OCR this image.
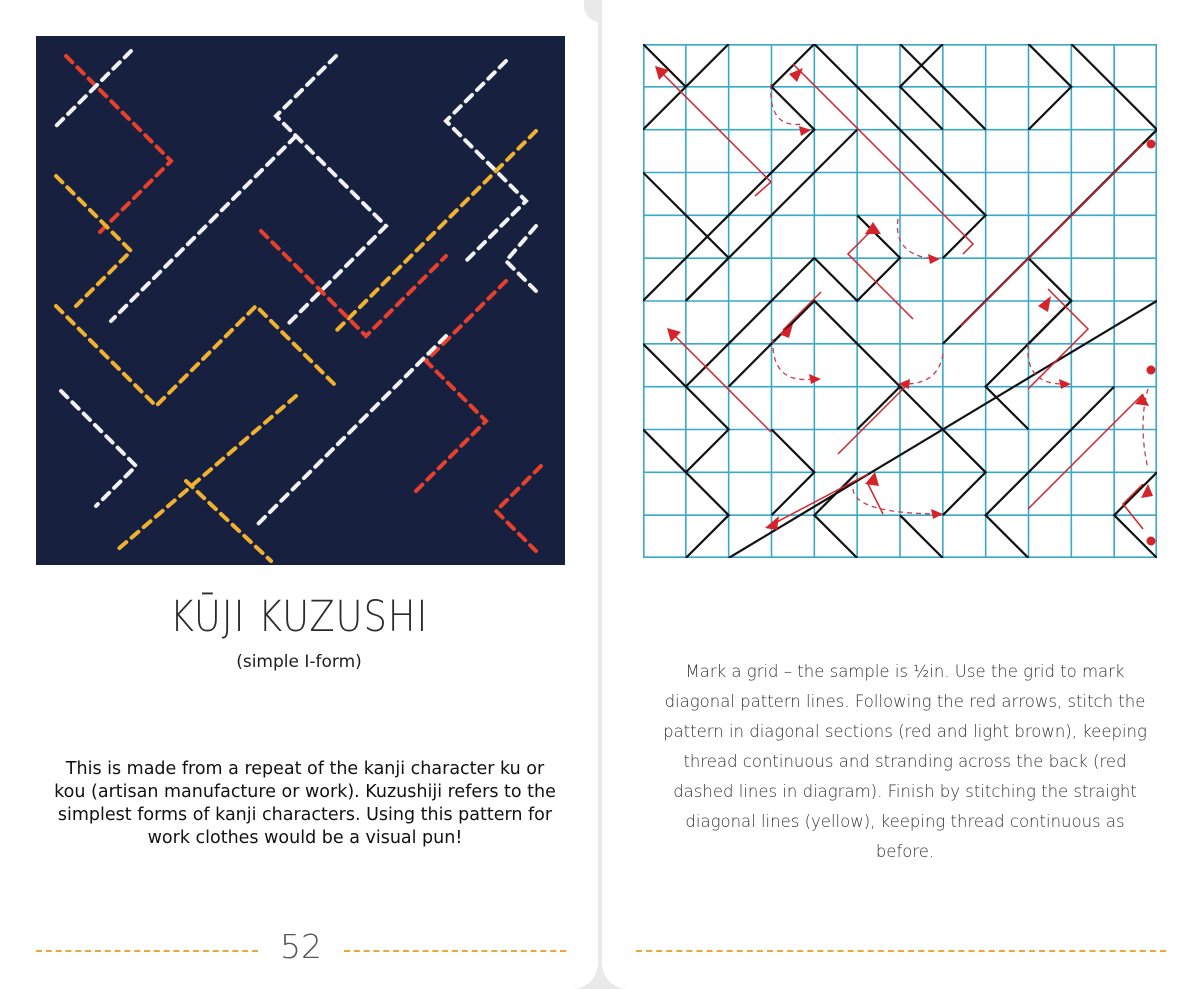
KŪJI KUZUSHI
(simple I-form)
This is made from a repeat of the kanji character ku or kou (artisan manufacture or work). Kuzushiji refers to the simplest forms of kanji characters. Using this pattern for work clothes would be a visual pun!
52
Mark a grid – the sample is ½in. Use the grid to mark diagonal pattern lines. Following the red arrows, stitch the pattern in diagonal sections (red and light brown), keeping thread continuous and stranding across the back (red dashed lines in diagram). Finish by stitching the straight diagonal lines (yellow), keeping thread continuous as before.
